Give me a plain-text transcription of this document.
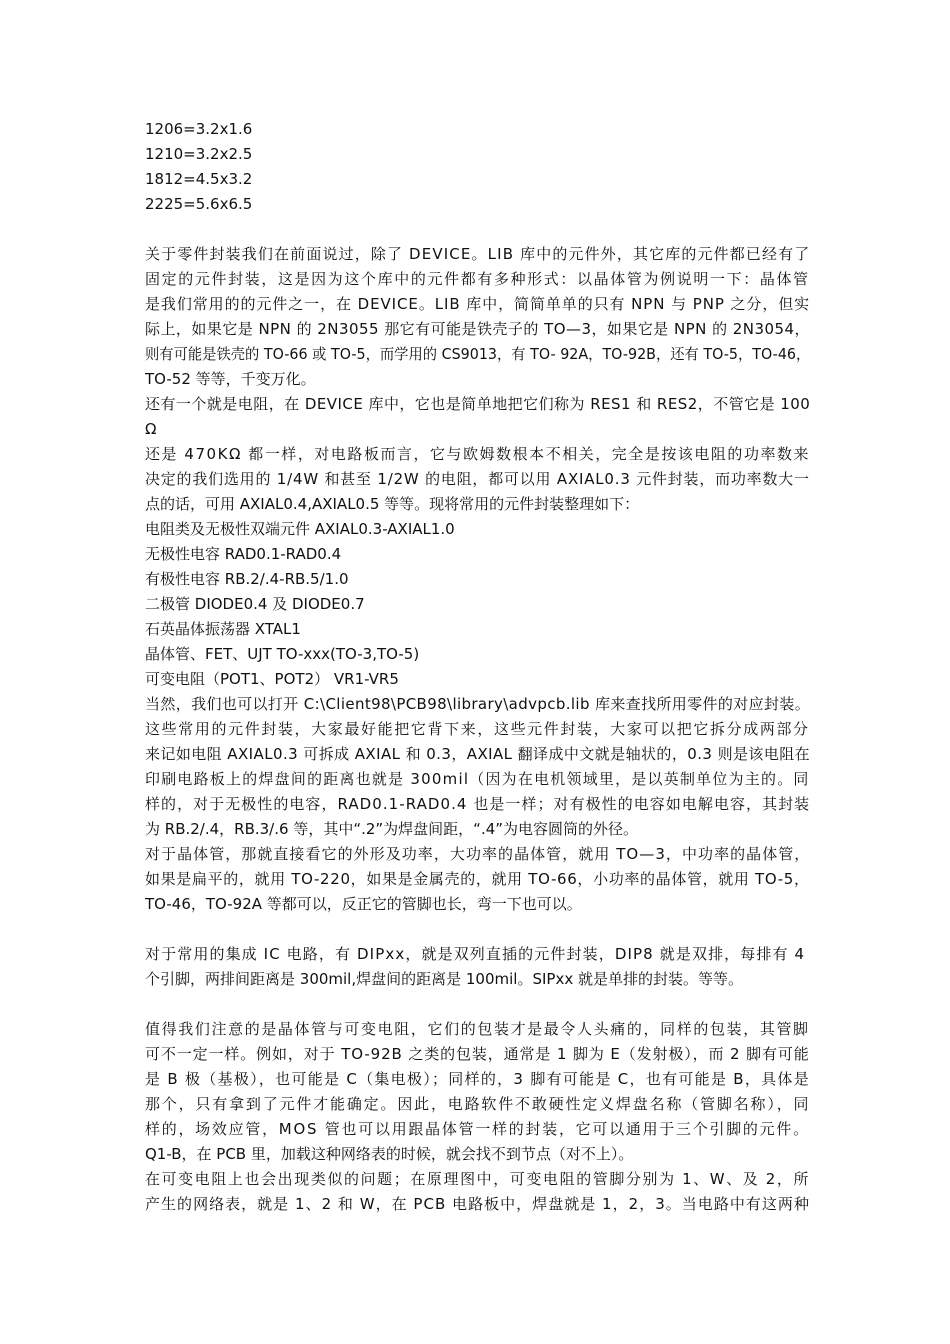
1206=3.2x1.6
1210=3.2x2.5
1812=4.5x3.2
2225=5.6x6.5
关于零件封装我们在前面说过，除了 DEVICE。LIB 库中的元件外，其它库的元件都已经有了
固定的元件封装，这是因为这个库中的元件都有多种形式：以晶体管为例说明一下：晶体管
是我们常用的的元件之一，在 DEVICE。LIB 库中，简简单单的只有 NPN 与 PNP 之分，但实
际上，如果它是 NPN 的 2N3055 那它有可能是铁壳子的 TO—3，如果它是 NPN 的 2N3054，
则有可能是铁壳的 TO-66 或 TO-5，而学用的 CS9013，有 TO- 92A，TO-92B，还有 TO-5，TO-46，
TO-52 等等，千变万化。
还有一个就是电阻，在 DEVICE 库中，它也是简单地把它们称为 RES1 和 RES2，不管它是 100
Ω
还是 470KΩ 都一样，对电路板而言，它与欧姆数根本不相关，完全是按该电阻的功率数来
决定的我们选用的 1/4W 和甚至 1/2W 的电阻，都可以用 AXIAL0.3 元件封装，而功率数大一
点的话，可用 AXIAL0.4,AXIAL0.5 等等。现将常用的元件封装整理如下：
电阻类及无极性双端元件 AXIAL0.3-AXIAL1.0
无极性电容 RAD0.1-RAD0.4
有极性电容 RB.2/.4-RB.5/1.0
二极管 DIODE0.4 及 DIODE0.7
石英晶体振荡器 XTAL1
晶体管、FET、UJT TO-xxx(TO-3,TO-5)
可变电阻（POT1、POT2） VR1-VR5
当然，我们也可以打开 C:\Client98\PCB98\library\advpcb.lib 库来查找所用零件的对应封装。
这些常用的元件封装，大家最好能把它背下来，这些元件封装，大家可以把它拆分成两部分
来记如电阻 AXIAL0.3 可拆成 AXIAL 和 0.3，AXIAL 翻译成中文就是轴状的，0.3 则是该电阻在
印刷电路板上的焊盘间的距离也就是 300mil（因为在电机领域里，是以英制单位为主的。同
样的，对于无极性的电容，RAD0.1-RAD0.4 也是一样；对有极性的电容如电解电容，其封装
为 RB.2/.4，RB.3/.6 等，其中“.2”为焊盘间距，“.4”为电容圆筒的外径。
对于晶体管，那就直接看它的外形及功率，大功率的晶体管，就用 TO—3，中功率的晶体管，
如果是扁平的，就用 TO-220，如果是金属壳的，就用 TO-66，小功率的晶体管，就用 TO-5，
TO-46，TO-92A 等都可以，反正它的管脚也长，弯一下也可以。
对于常用的集成 IC 电路，有 DIPxx，就是双列直插的元件封装，DIP8 就是双排，每排有 4
个引脚，两排间距离是 300mil,焊盘间的距离是 100mil。SIPxx 就是单排的封装。等等。
值得我们注意的是晶体管与可变电阻，它们的包装才是最令人头痛的，同样的包装，其管脚
可不一定一样。例如，对于 TO-92B 之类的包装，通常是 1 脚为 E（发射极），而 2 脚有可能
是 B 极（基极），也可能是 C（集电极）；同样的，3 脚有可能是 C，也有可能是 B，具体是
那个，只有拿到了元件才能确定。因此，电路软件不敢硬性定义焊盘名称（管脚名称），同
样的，场效应管，MOS 管也可以用跟晶体管一样的封装，它可以通用于三个引脚的元件。
Q1-B，在 PCB 里，加载这种网络表的时候，就会找不到节点（对不上）。
在可变电阻上也会出现类似的问题；在原理图中，可变电阻的管脚分别为 1、W、及 2，所
产生的网络表，就是 1、2 和 W，在 PCB 电路板中，焊盘就是 1，2，3。当电路中有这两种
